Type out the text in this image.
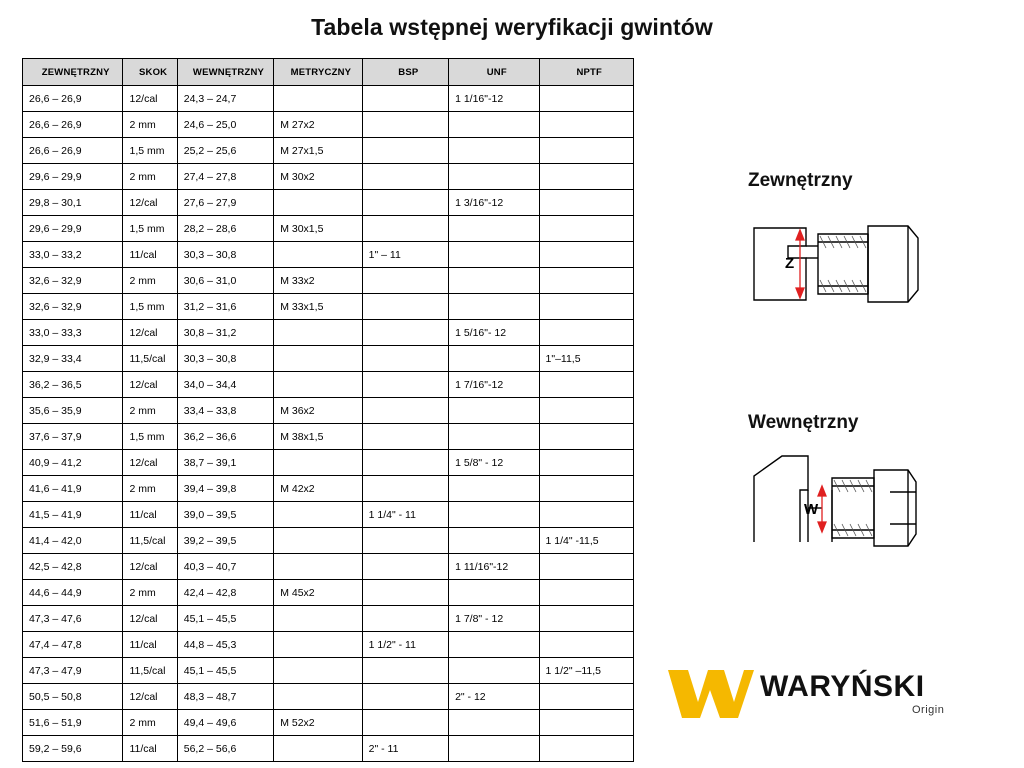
Tabela wstępnej weryfikacji gwintów
ZEWNĘTRZNY	SKOK	WEWNĘTRZNY	METRYCZNY	BSP	UNF	NPTF
26,6 – 26,9	12/cal	24,3 – 24,7			1 1/16"-12	
26,6 – 26,9	2 mm	24,6 – 25,0	M 27x2			
26,6 – 26,9	1,5 mm	25,2 – 25,6	M 27x1,5			
29,6 – 29,9	2 mm	27,4 – 27,8	M 30x2			
29,8 – 30,1	12/cal	27,6 – 27,9			1 3/16"-12	
29,6 – 29,9	1,5 mm	28,2 – 28,6	M 30x1,5			
33,0 – 33,2	11/cal	30,3 – 30,8		1" – 11		
32,6 – 32,9	2 mm	30,6 – 31,0	M 33x2			
32,6 – 32,9	1,5 mm	31,2 – 31,6	M 33x1,5			
33,0 – 33,3	12/cal	30,8 – 31,2			1 5/16"- 12	
32,9 – 33,4	11,5/cal	30,3 – 30,8				1"–11,5
36,2 – 36,5	12/cal	34,0 – 34,4			1 7/16"-12	
35,6 – 35,9	2 mm	33,4 – 33,8	M 36x2			
37,6 – 37,9	1,5 mm	36,2 – 36,6	M 38x1,5			
40,9 – 41,2	12/cal	38,7 – 39,1			1 5/8" - 12	
41,6 – 41,9	2 mm	39,4 – 39,8	M 42x2			
41,5 – 41,9	11/cal	39,0 – 39,5		1 1/4" - 11		
41,4 – 42,0	11,5/cal	39,2 – 39,5				1 1/4" -11,5
42,5 – 42,8	12/cal	40,3 – 40,7			1 11/16"-12	
44,6 – 44,9	2 mm	42,4 – 42,8	M 45x2			
47,3 – 47,6	12/cal	45,1 – 45,5			1 7/8" - 12	
47,4 – 47,8	11/cal	44,8 – 45,3		1 1/2" - 11		
47,3 – 47,9	11,5/cal	45,1 – 45,5				1 1/2" –11,5
50,5 – 50,8	12/cal	48,3 – 48,7			2" - 12	
51,6 – 51,9	2 mm	49,4 – 49,6	M 52x2			
59,2 – 59,6	11/cal	56,2 – 56,6		2" - 11		
Zewnętrzny
Z
Wewnętrzny
W
WARYŃSKI
Origin
